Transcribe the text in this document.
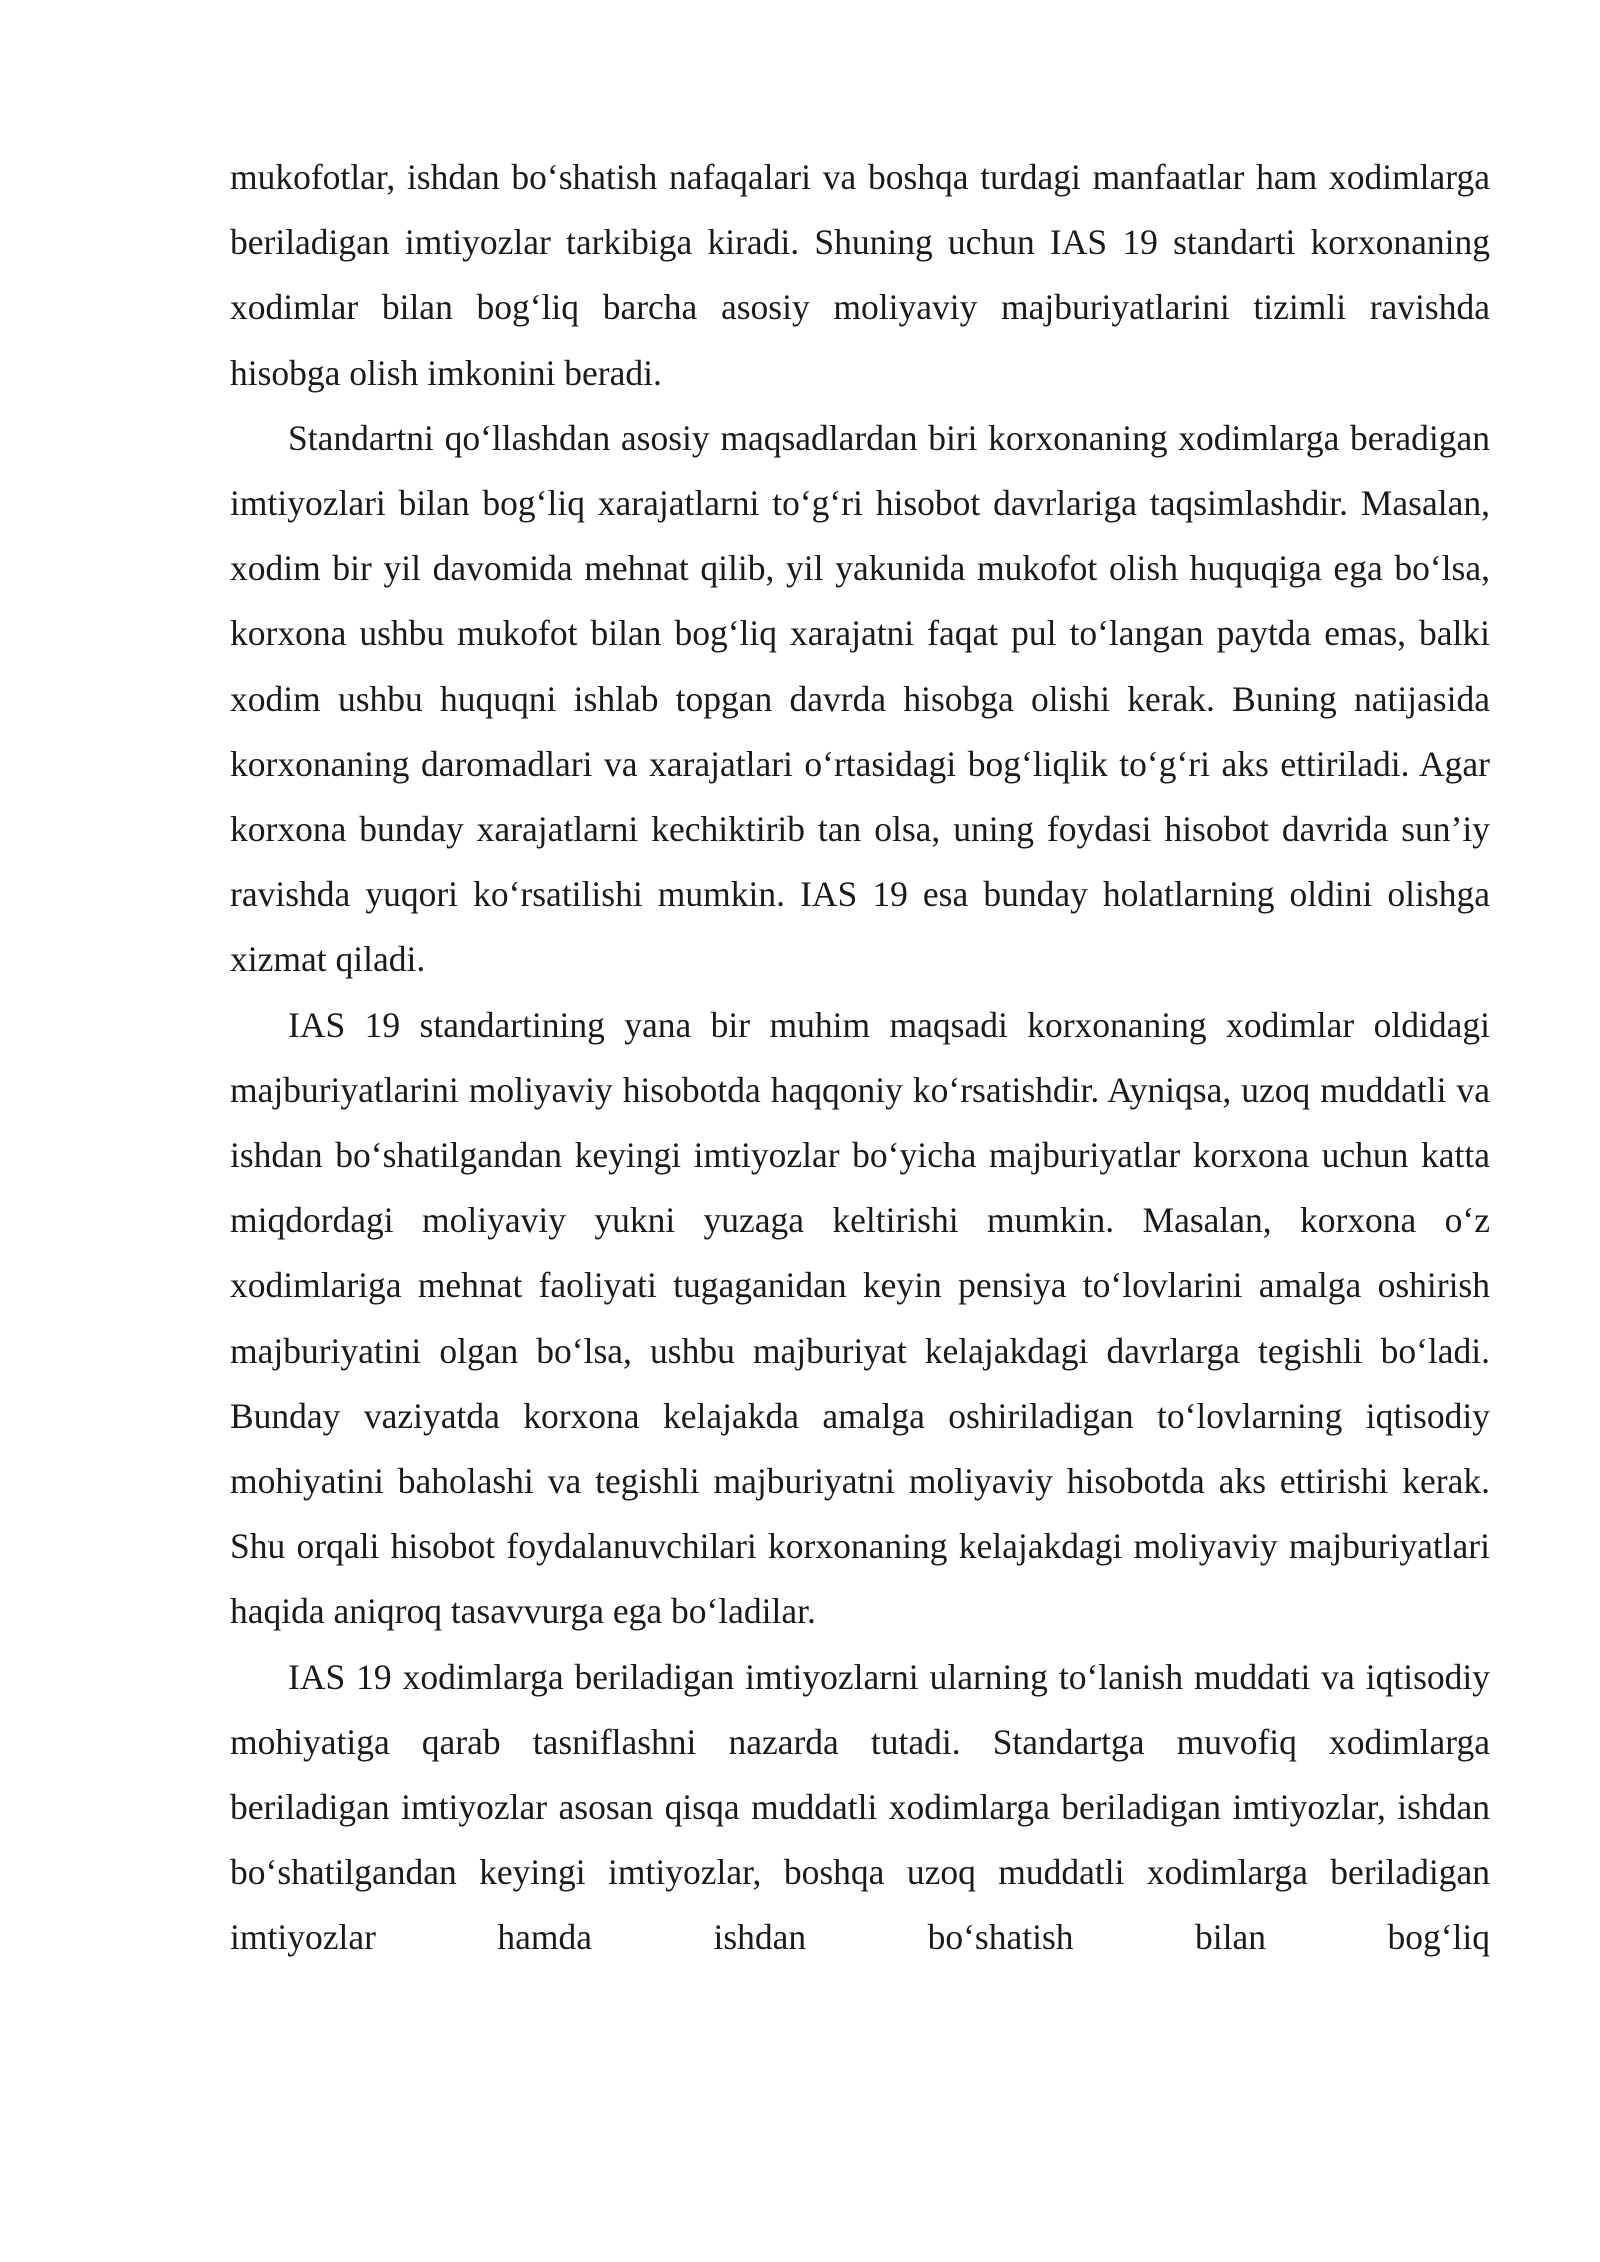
mukofotlar, ishdan bo‘shatish nafaqalari va boshqa turdagi manfaatlar ham xodimlarga beriladigan imtiyozlar tarkibiga kiradi. Shuning uchun IAS 19 standarti korxonaning xodimlar bilan bog‘liq barcha asosiy moliyaviy majburiyatlarini tizimli ravishda hisobga olish imkonini beradi.

Standartni qo‘llashdan asosiy maqsadlardan biri korxonaning xodimlarga beradigan imtiyozlari bilan bog‘liq xarajatlarni to‘g‘ri hisobot davrlariga taqsimlashdir. Masalan, xodim bir yil davomida mehnat qilib, yil yakunida mukofot olish huquqiga ega bo‘lsa, korxona ushbu mukofot bilan bog‘liq xarajatni faqat pul to‘langan paytda emas, balki xodim ushbu huquqni ishlab topgan davrda hisobga olishi kerak. Buning natijasida korxonaning daromadlari va xarajatlari o‘rtasidagi bog‘liqlik to‘g‘ri aks ettiriladi. Agar korxona bunday xarajatlarni kechiktirib tan olsa, uning foydasi hisobot davrida sun’iy ravishda yuqori ko‘rsatilishi mumkin. IAS 19 esa bunday holatlarning oldini olishga xizmat qiladi.

IAS 19 standartining yana bir muhim maqsadi korxonaning xodimlar oldidagi majburiyatlarini moliyaviy hisobotda haqqoniy ko‘rsatishdir. Ayniqsa, uzoq muddatli va ishdan bo‘shatilgandan keyingi imtiyozlar bo‘yicha majburiyatlar korxona uchun katta miqdordagi moliyaviy yukni yuzaga keltirishi mumkin. Masalan, korxona o‘z xodimlariga mehnat faoliyati tugaganidan keyin pensiya to‘lovlarini amalga oshirish majburiyatini olgan bo‘lsa, ushbu majburiyat kelajakdagi davrlarga tegishli bo‘ladi. Bunday vaziyatda korxona kelajakda amalga oshiriladigan to‘lovlarning iqtisodiy mohiyatini baholashi va tegishli majburiyatni moliyaviy hisobotda aks ettirishi kerak. Shu orqali hisobot foydalanuvchilari korxonaning kelajakdagi moliyaviy majburiyatlari haqida aniqroq tasavvurga ega bo‘ladilar.

IAS 19 xodimlarga beriladigan imtiyozlarni ularning to‘lanish muddati va iqtisodiy mohiyatiga qarab tasniflashni nazarda tutadi. Standartga muvofiq xodimlarga beriladigan imtiyozlar asosan qisqa muddatli xodimlarga beriladigan imtiyozlar, ishdan bo‘shatilgandan keyingi imtiyozlar, boshqa uzoq muddatli xodimlarga beriladigan imtiyozlar hamda ishdan bo‘shatish bilan bog‘liq
